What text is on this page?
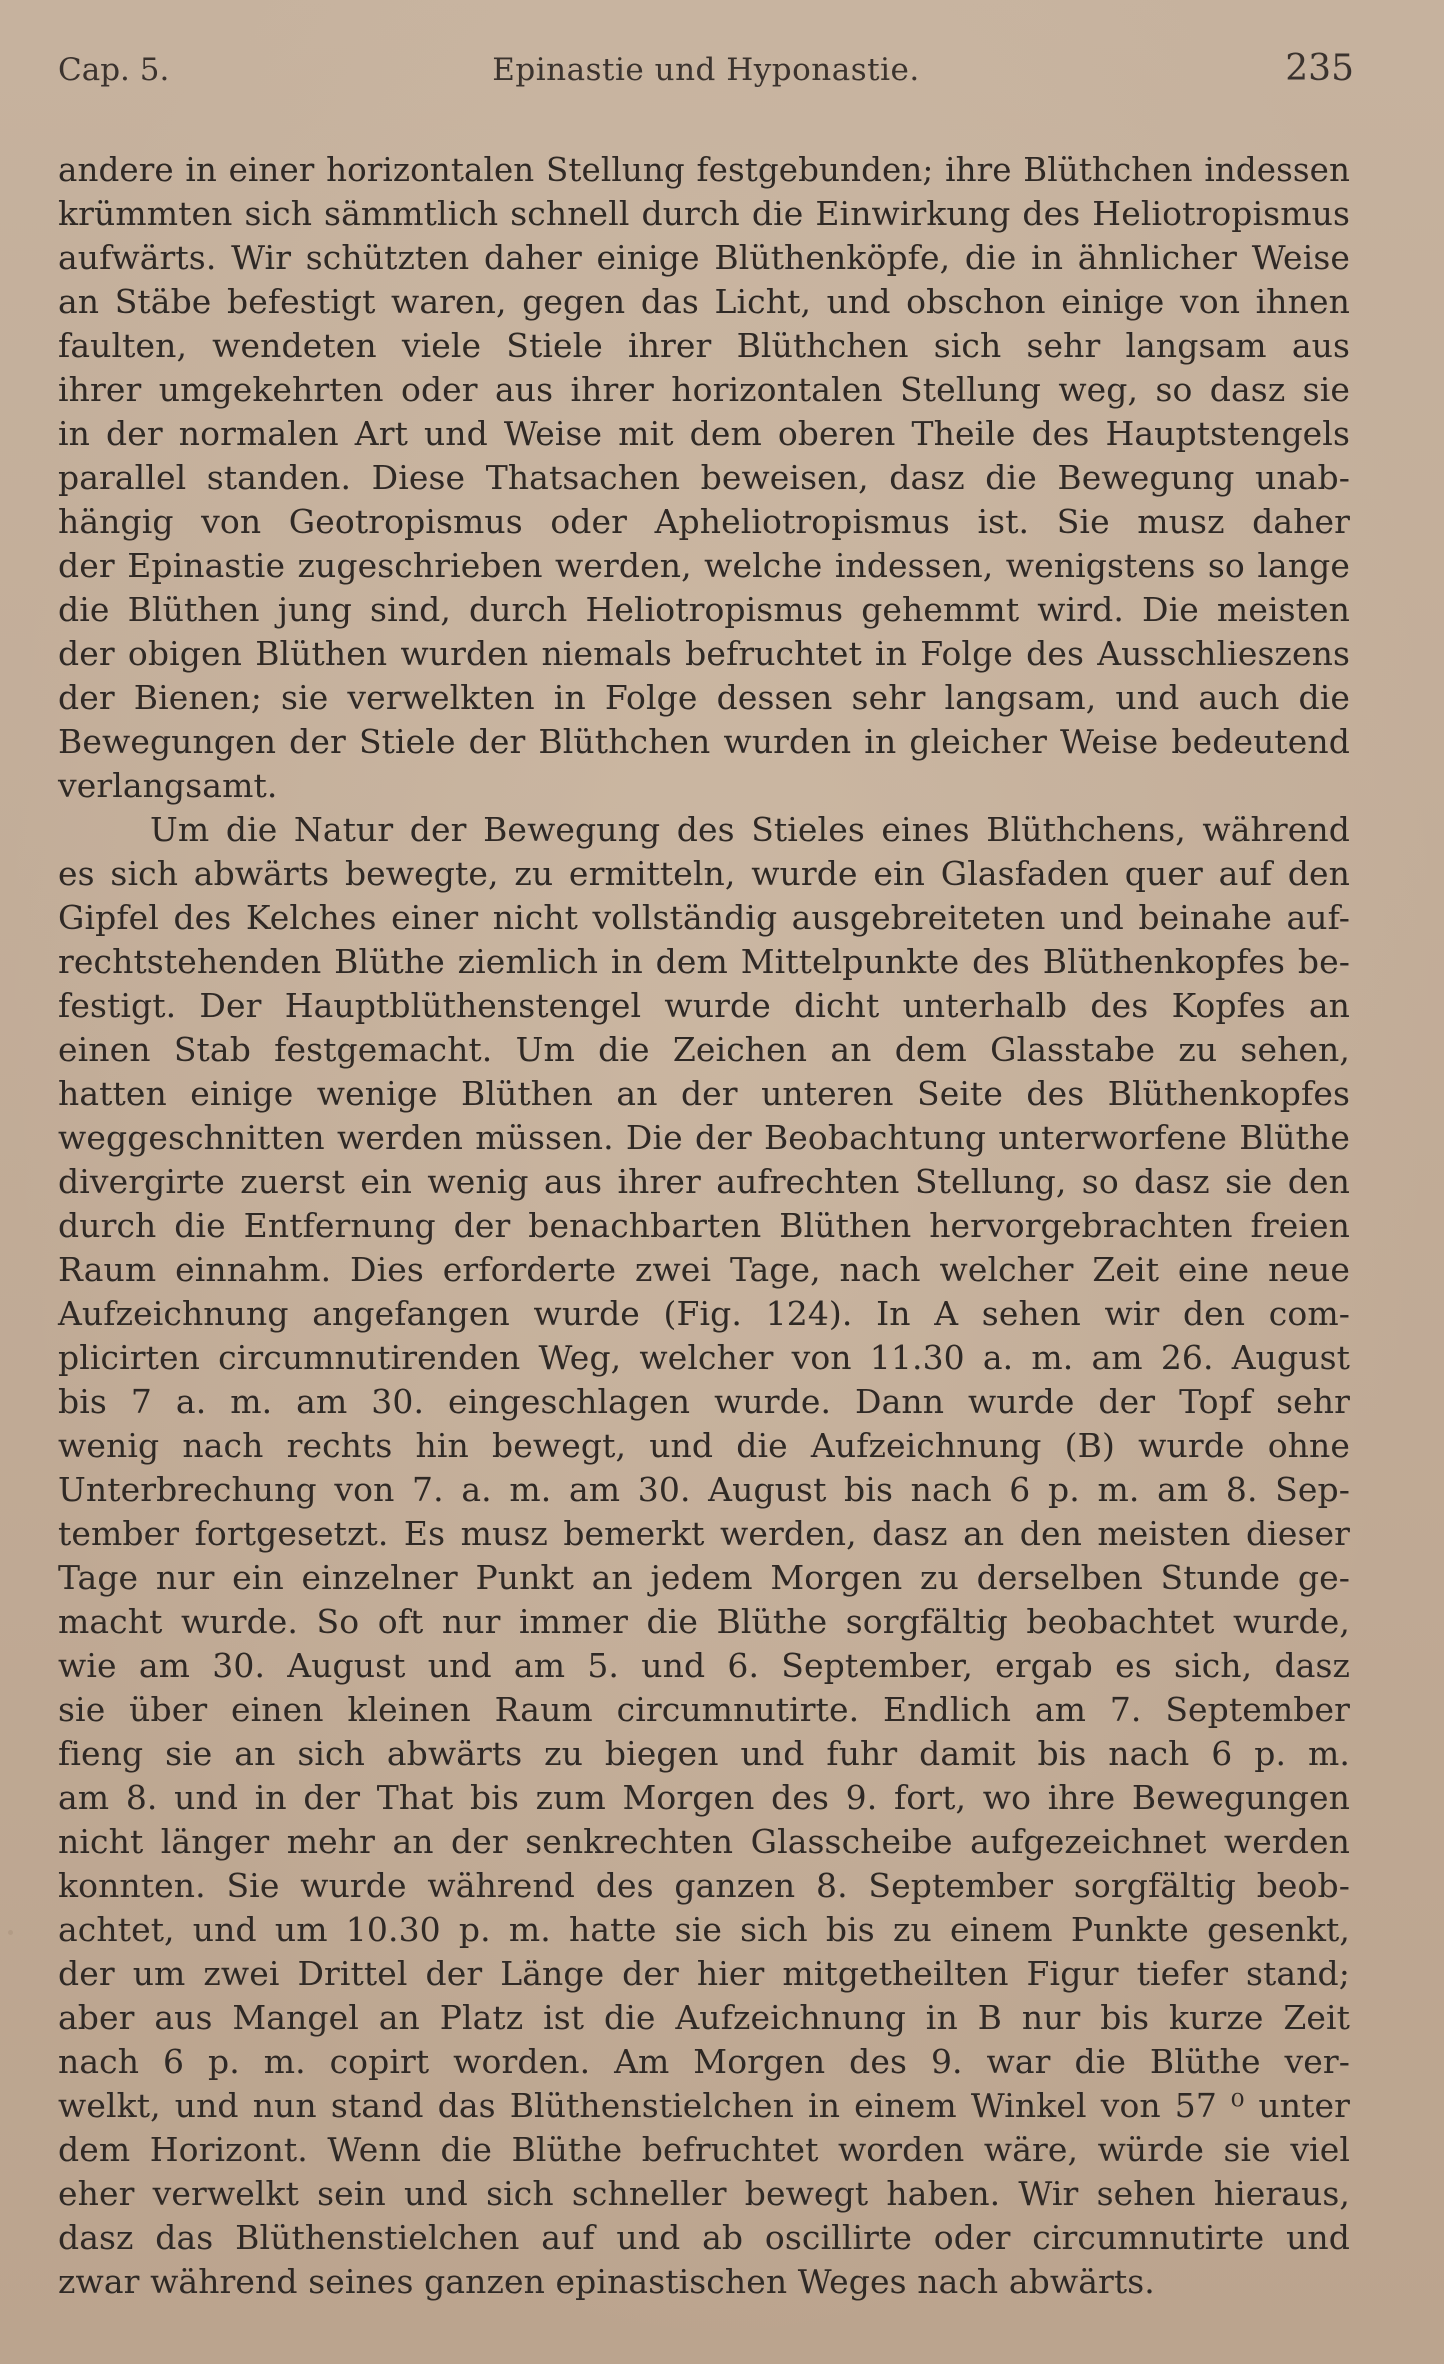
Cap. 5.	Epinastie und Hyponastie.	235
andere in einer horizontalen Stellung festgebunden; ihre Blüthchen indessen
krümmten sich sämmtlich schnell durch die Einwirkung des Heliotropismus
aufwärts. Wir schützten daher einige Blüthenköpfe, die in ähnlicher Weise
an Stäbe befestigt waren, gegen das Licht, und obschon einige von ihnen
faulten, wendeten viele Stiele ihrer Blüthchen sich sehr langsam aus
ihrer umgekehrten oder aus ihrer horizontalen Stellung weg, so dasz sie
in der normalen Art und Weise mit dem oberen Theile des Hauptstengels
parallel standen. Diese Thatsachen beweisen, dasz die Bewegung unab-
hängig von Geotropismus oder Apheliotropismus ist. Sie musz daher
der Epinastie zugeschrieben werden, welche indessen, wenigstens so lange
die Blüthen jung sind, durch Heliotropismus gehemmt wird. Die meisten
der obigen Blüthen wurden niemals befruchtet in Folge des Ausschlieszens
der Bienen; sie verwelkten in Folge dessen sehr langsam, und auch die
Bewegungen der Stiele der Blüthchen wurden in gleicher Weise bedeutend
verlangsamt.
Um die Natur der Bewegung des Stieles eines Blüthchens, während
es sich abwärts bewegte, zu ermitteln, wurde ein Glasfaden quer auf den
Gipfel des Kelches einer nicht vollständig ausgebreiteten und beinahe auf-
rechtstehenden Blüthe ziemlich in dem Mittelpunkte des Blüthenkopfes be-
festigt. Der Hauptblüthenstengel wurde dicht unterhalb des Kopfes an
einen Stab festgemacht. Um die Zeichen an dem Glasstabe zu sehen,
hatten einige wenige Blüthen an der unteren Seite des Blüthenkopfes
weggeschnitten werden müssen. Die der Beobachtung unterworfene Blüthe
divergirte zuerst ein wenig aus ihrer aufrechten Stellung, so dasz sie den
durch die Entfernung der benachbarten Blüthen hervorgebrachten freien
Raum einnahm. Dies erforderte zwei Tage, nach welcher Zeit eine neue
Aufzeichnung angefangen wurde (Fig. 124). In A sehen wir den com-
plicirten circumnutirenden Weg, welcher von 11.30 a. m. am 26. August
bis 7 a. m. am 30. eingeschlagen wurde. Dann wurde der Topf sehr
wenig nach rechts hin bewegt, und die Aufzeichnung (B) wurde ohne
Unterbrechung von 7. a. m. am 30. August bis nach 6 p. m. am 8. Sep-
tember fortgesetzt. Es musz bemerkt werden, dasz an den meisten dieser
Tage nur ein einzelner Punkt an jedem Morgen zu derselben Stunde ge-
macht wurde. So oft nur immer die Blüthe sorgfältig beobachtet wurde,
wie am 30. August und am 5. und 6. September, ergab es sich, dasz
sie über einen kleinen Raum circumnutirte. Endlich am 7. September
fieng sie an sich abwärts zu biegen und fuhr damit bis nach 6 p. m.
am 8. und in der That bis zum Morgen des 9. fort, wo ihre Bewegungen
nicht länger mehr an der senkrechten Glasscheibe aufgezeichnet werden
konnten. Sie wurde während des ganzen 8. September sorgfältig beob-
achtet, und um 10.30 p. m. hatte sie sich bis zu einem Punkte gesenkt,
der um zwei Drittel der Länge der hier mitgetheilten Figur tiefer stand;
aber aus Mangel an Platz ist die Aufzeichnung in B nur bis kurze Zeit
nach 6 p. m. copirt worden. Am Morgen des 9. war die Blüthe ver-
welkt, und nun stand das Blüthenstielchen in einem Winkel von 57 ⁰ unter
dem Horizont. Wenn die Blüthe befruchtet worden wäre, würde sie viel
eher verwelkt sein und sich schneller bewegt haben. Wir sehen hieraus,
dasz das Blüthenstielchen auf und ab oscillirte oder circumnutirte und
zwar während seines ganzen epinastischen Weges nach abwärts.
